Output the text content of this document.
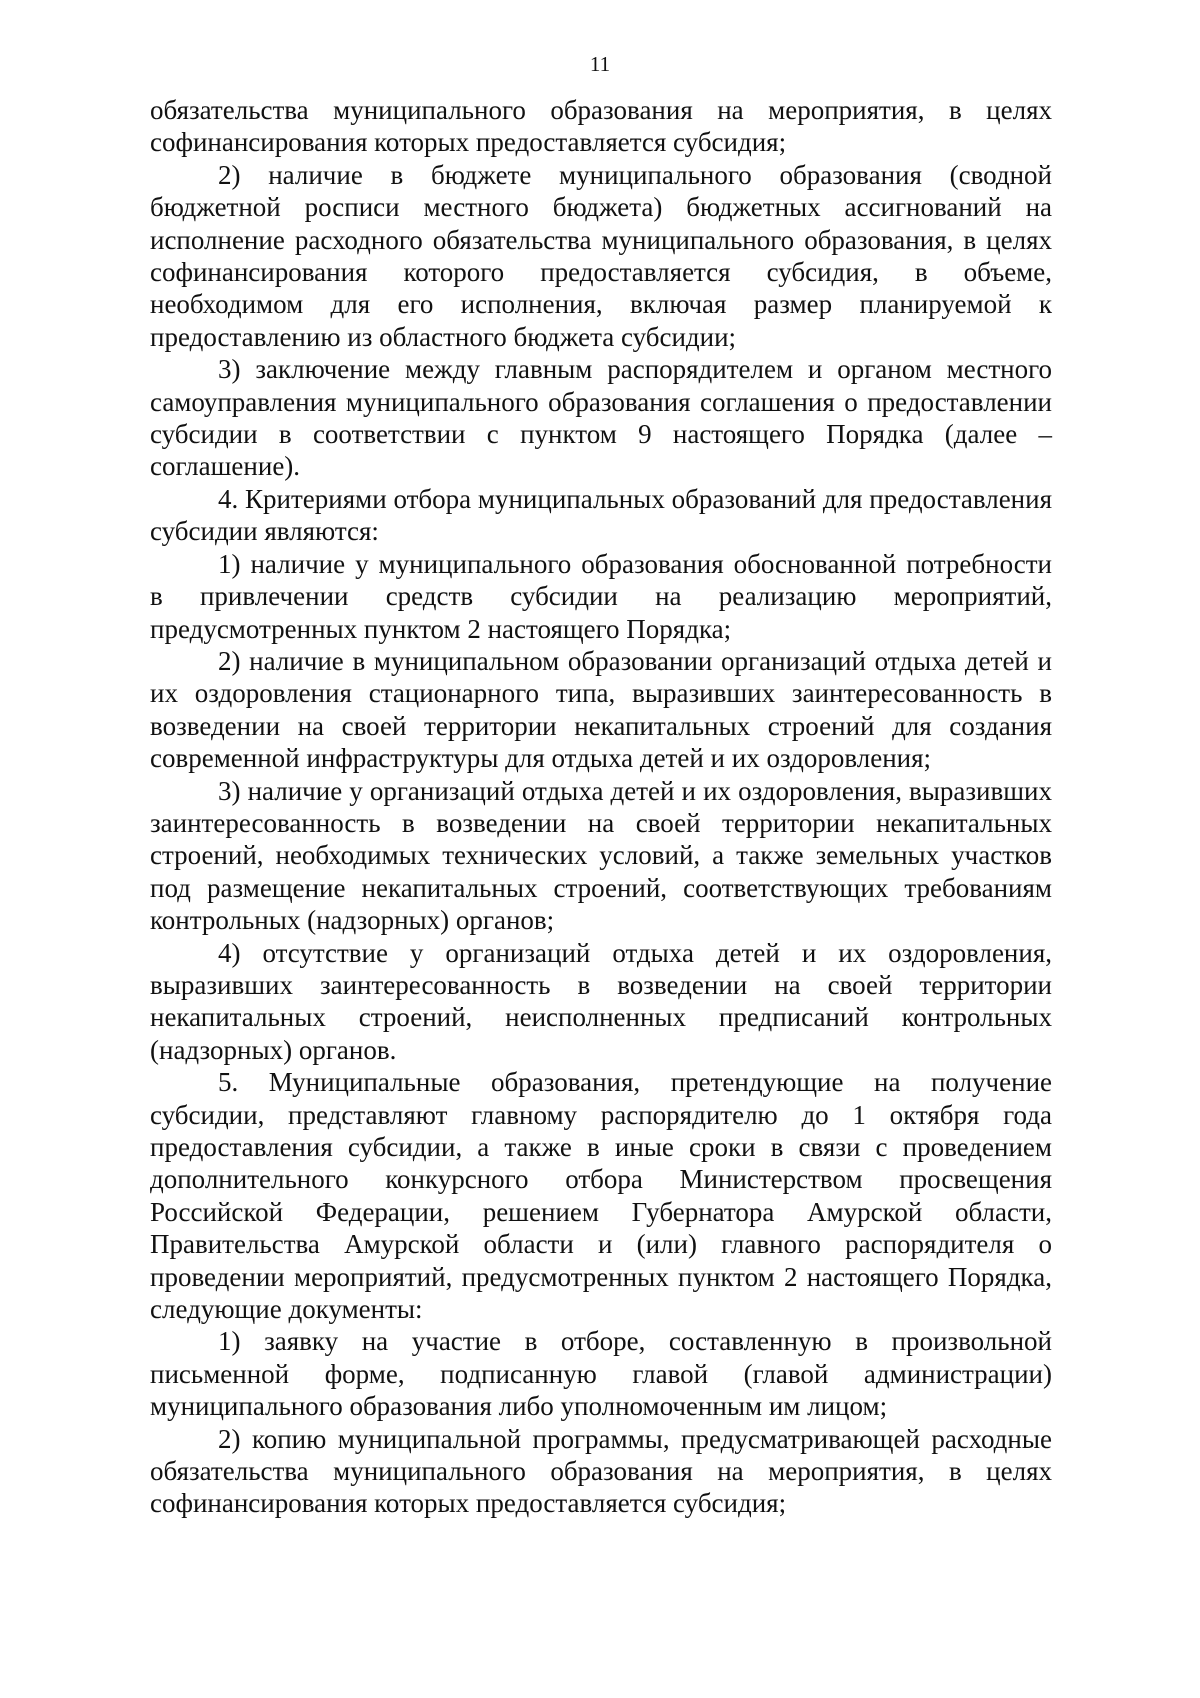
11

обязательства муниципального образования на мероприятия, в целях софинансирования которых предоставляется субсидия;

2) наличие в бюджете муниципального образования (сводной бюджетной росписи местного бюджета) бюджетных ассигнований на исполнение расходного обязательства муниципального образования, в целях софинансирования которого предоставляется субсидия, в объеме, необходимом для его исполнения, включая размер планируемой к предоставлению из областного бюджета субсидии;

3) заключение между главным распорядителем и органом местного самоуправления муниципального образования соглашения о предоставлении субсидии в соответствии с пунктом 9 настоящего Порядка (далее – соглашение).

4. Критериями отбора муниципальных образований для предоставления субсидии являются:

1) наличие у муниципального образования обоснованной потребности в привлечении средств субсидии на реализацию мероприятий, предусмотренных пунктом 2 настоящего Порядка;

2) наличие в муниципальном образовании организаций отдыха детей и их оздоровления стационарного типа, выразивших заинтересованность в возведении на своей территории некапитальных строений для создания современной инфраструктуры для отдыха детей и их оздоровления;

3) наличие у организаций отдыха детей и их оздоровления, выразивших заинтересованность в возведении на своей территории некапитальных строений, необходимых технических условий, а также земельных участков под размещение некапитальных строений, соответствующих требованиям контрольных (надзорных) органов;

4) отсутствие у организаций отдыха детей и их оздоровления, выразивших заинтересованность в возведении на своей территории некапитальных строений, неисполненных предписаний контрольных (надзорных) органов.

5. Муниципальные образования, претендующие на получение субсидии, представляют главному распорядителю до 1 октября года предоставления субсидии, а также в иные сроки в связи с проведением дополнительного конкурсного отбора Министерством просвещения Российской Федерации, решением Губернатора Амурской области, Правительства Амурской области и (или) главного распорядителя о проведении мероприятий, предусмотренных пунктом 2 настоящего Порядка, следующие документы:

1) заявку на участие в отборе, составленную в произвольной письменной форме, подписанную главой (главой администрации) муниципального образования либо уполномоченным им лицом;

2) копию муниципальной программы, предусматривающей расходные обязательства муниципального образования на мероприятия, в целях софинансирования которых предоставляется субсидия;
